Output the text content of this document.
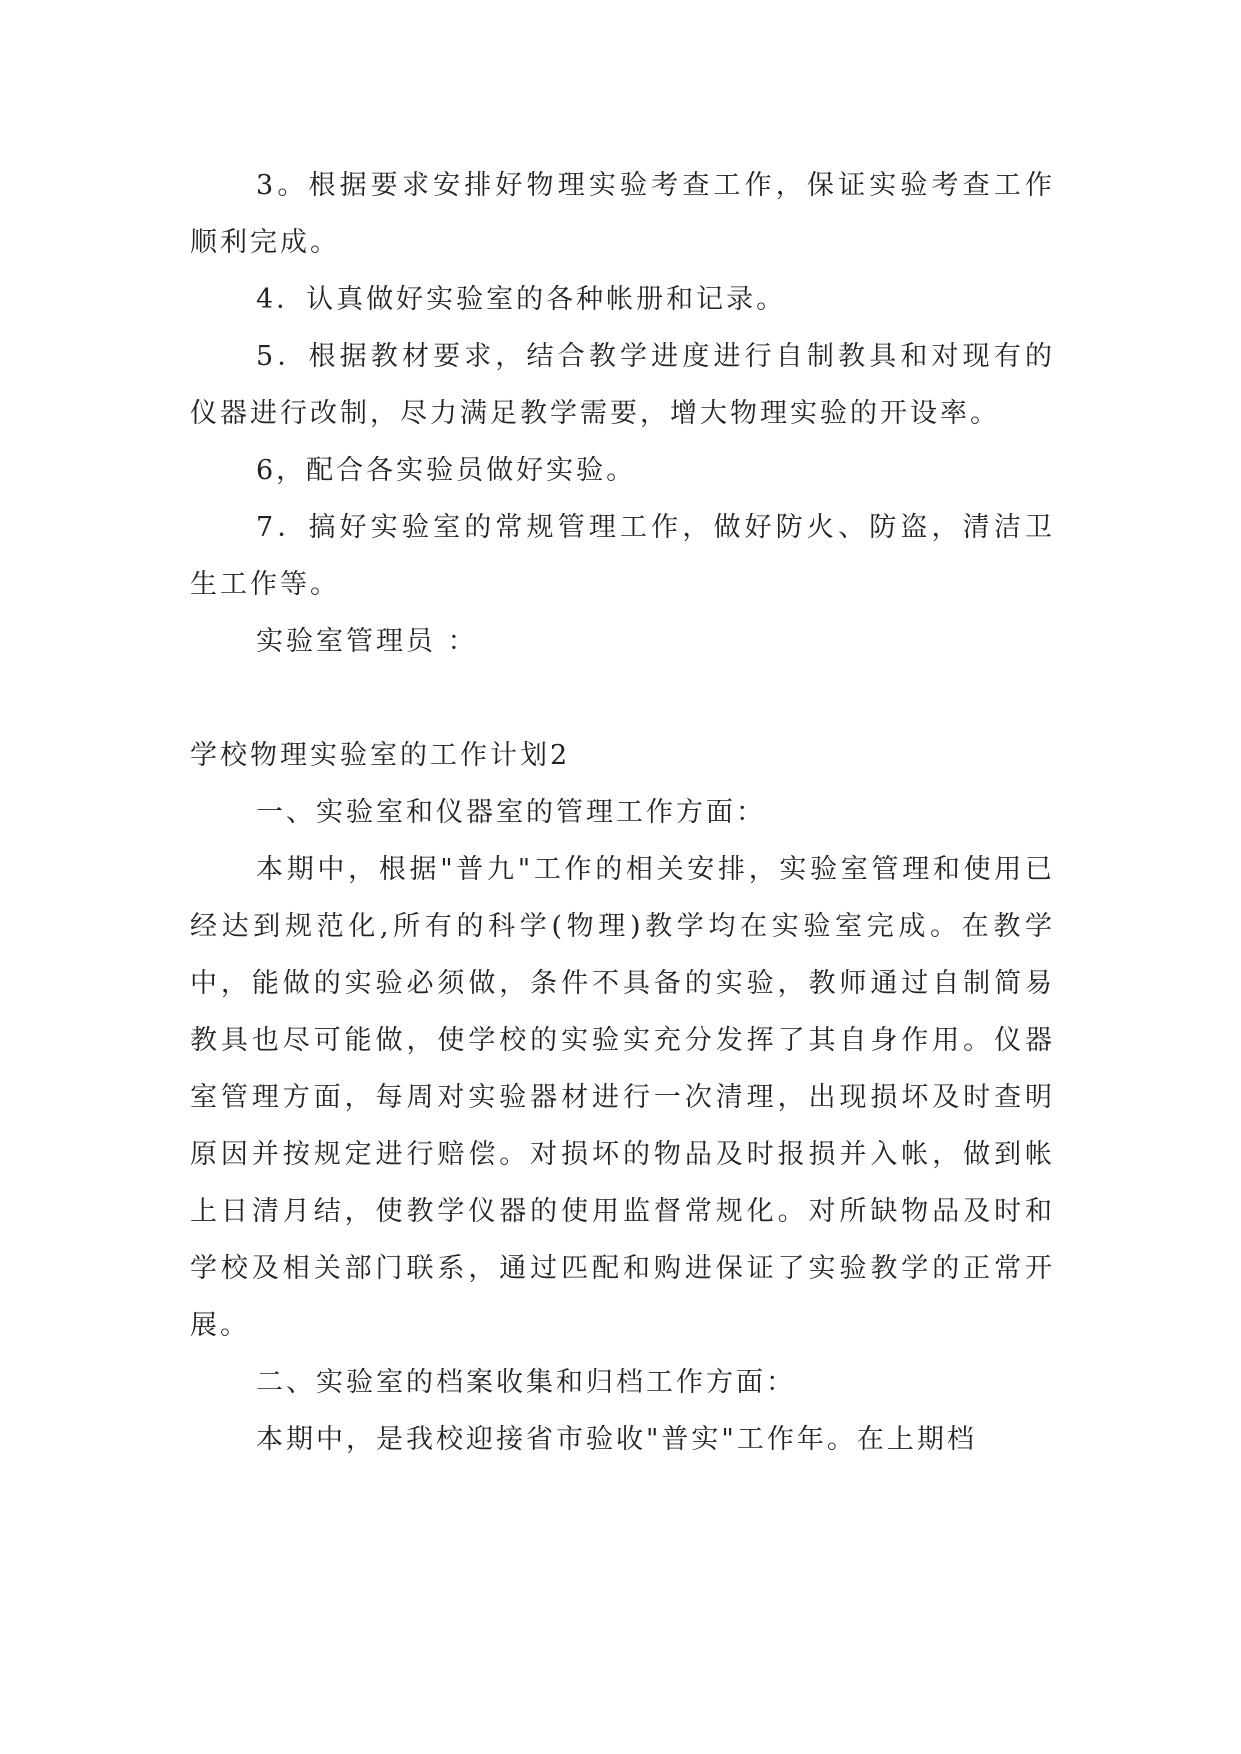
3。根据要求安排好物理实验考查工作，保证实验考查工作顺利完成。

4．认真做好实验室的各种帐册和记录。

5．根据教材要求，结合教学进度进行自制教具和对现有的仪器进行改制，尽力满足教学需要，增大物理实验的开设率。

6，配合各实验员做好实验。

7．搞好实验室的常规管理工作，做好防火、防盗，清洁卫生工作等。

实验室管理员 ：

学校物理实验室的工作计划2

一、实验室和仪器室的管理工作方面：

本期中，根据"普九"工作的相关安排，实验室管理和使用已经达到规范化,所有的科学(物理)教学均在实验室完成。在教学中，能做的实验必须做，条件不具备的实验，教师通过自制简易教具也尽可能做，使学校的实验实充分发挥了其自身作用。仪器室管理方面，每周对实验器材进行一次清理，出现损坏及时查明原因并按规定进行赔偿。对损坏的物品及时报损并入帐，做到帐上日清月结，使教学仪器的使用监督常规化。对所缺物品及时和学校及相关部门联系，通过匹配和购进保证了实验教学的正常开展。

二、实验室的档案收集和归档工作方面：

本期中，是我校迎接省市验收"普实"工作年。在上期档
